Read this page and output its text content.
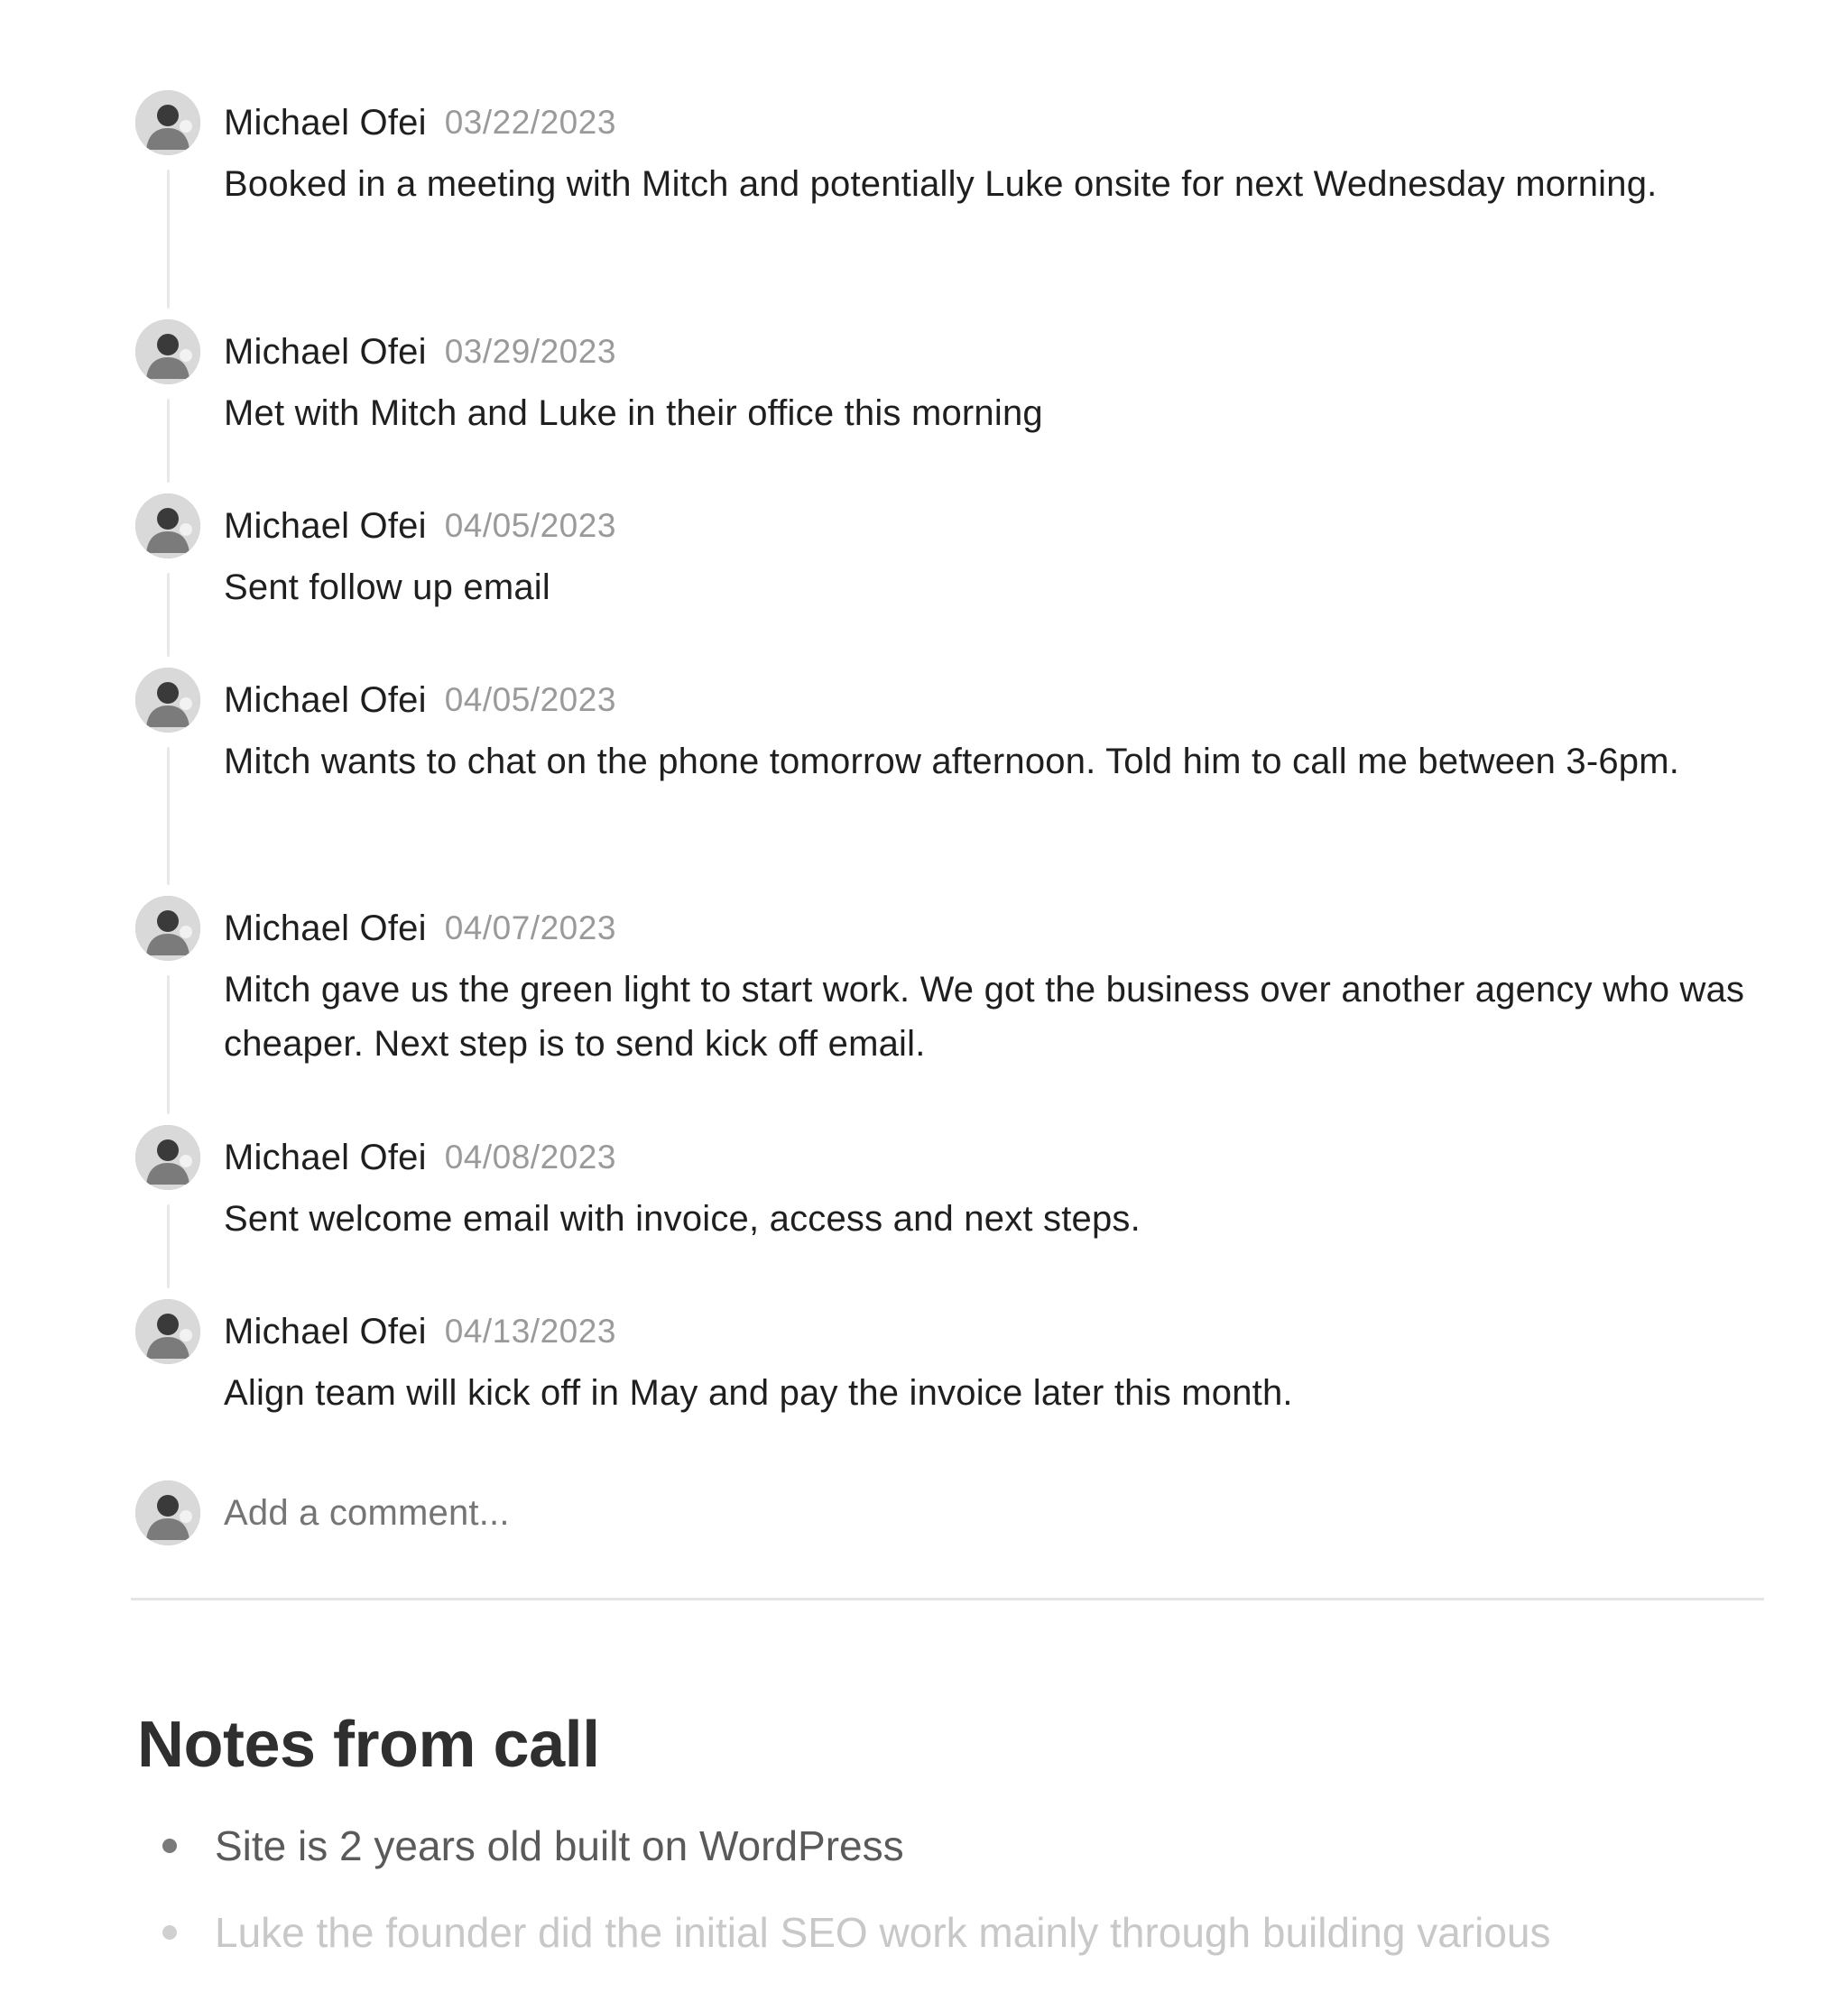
Michael Ofei 03/22/2023
Booked in a meeting with Mitch and potentially Luke onsite for next Wednesday morning.
Michael Ofei 03/29/2023
Met with Mitch and Luke in their office this morning
Michael Ofei 04/05/2023
Sent follow up email
Michael Ofei 04/05/2023
Mitch wants to chat on the phone tomorrow afternoon. Told him to call me between 3-6pm.
Michael Ofei 04/07/2023
Mitch gave us the green light to start work. We got the business over another agency who was cheaper. Next step is to send kick off email.
Michael Ofei 04/08/2023
Sent welcome email with invoice, access and next steps.
Michael Ofei 04/13/2023
Align team will kick off in May and pay the invoice later this month.
Add a comment...
Notes from call
Site is 2 years old built on WordPress
Luke the founder did the initial SEO work mainly through building various
